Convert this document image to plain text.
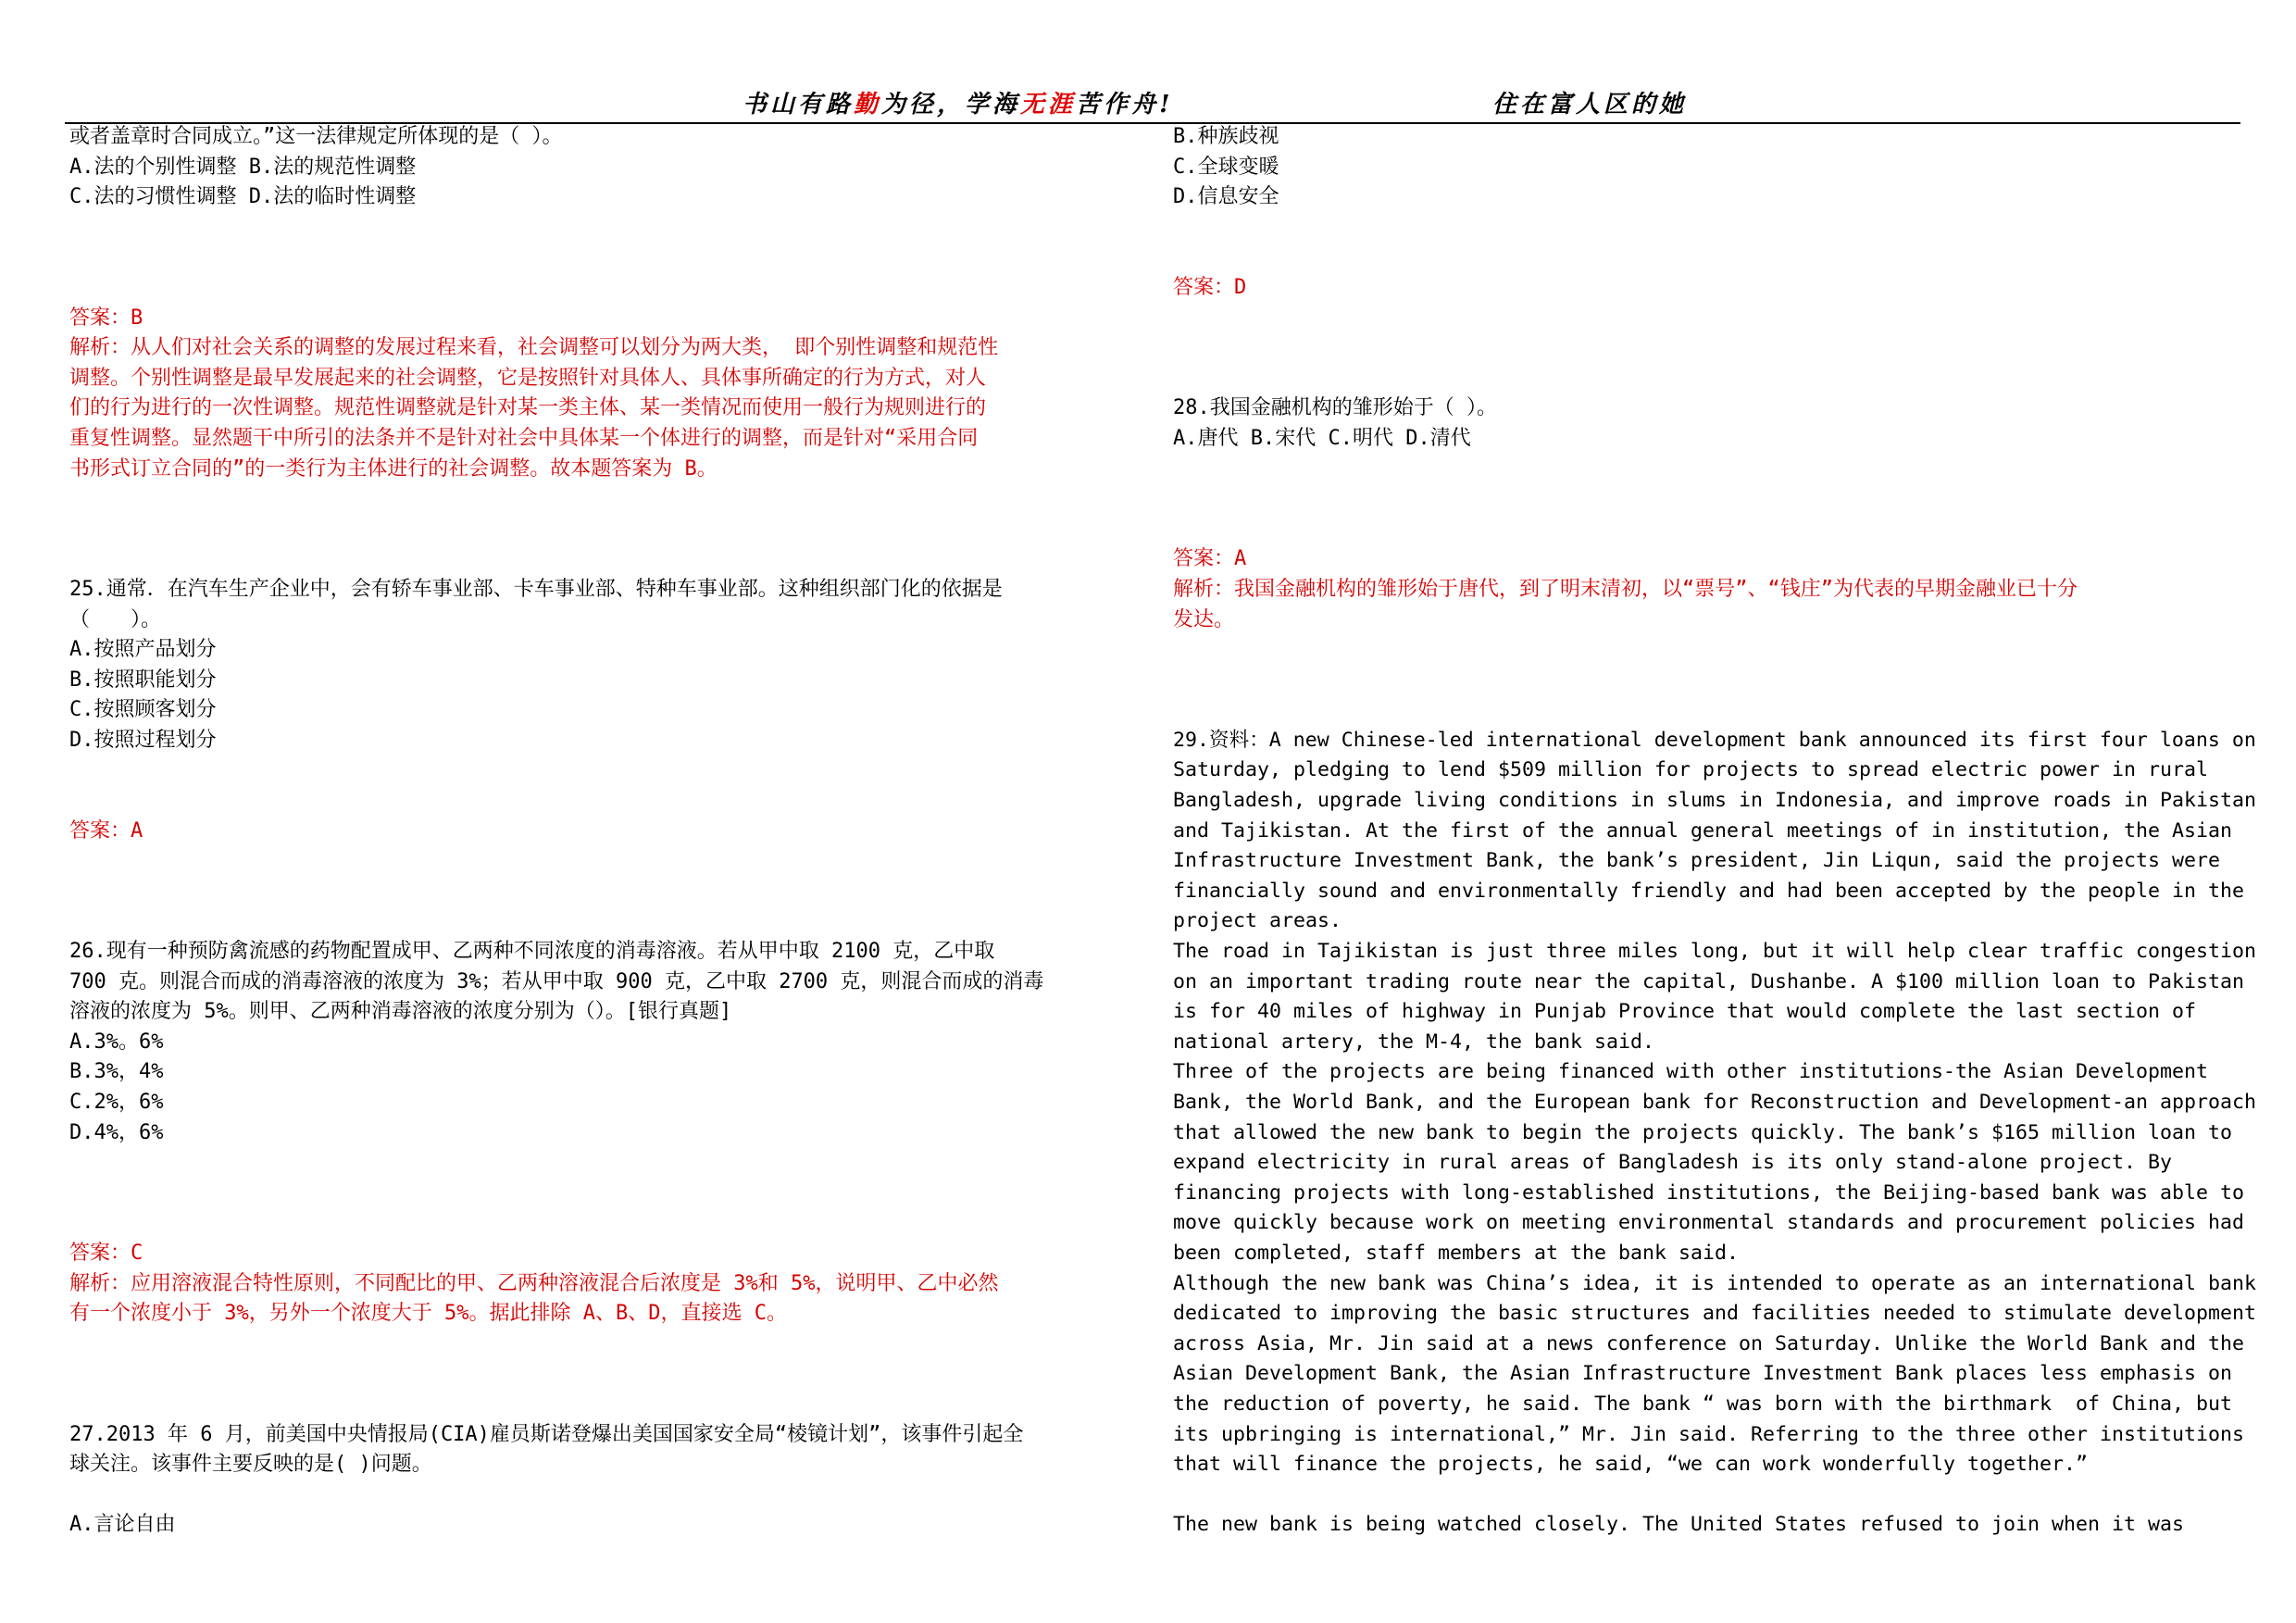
书山有路勤为径，学海无涯苦作舟!	住在富人区的她
或者盖章时合同成立。”这一法律规定所体现的是（ ）。
A.法的个别性调整 B.法的规范性调整
C.法的习惯性调整 D.法的临时性调整
答案：B
解析：从人们对社会关系的调整的发展过程来看，社会调整可以划分为两大类， 即个别性调整和规范性
调整。个别性调整是最早发展起来的社会调整，它是按照针对具体人、具体事所确定的行为方式，对人
们的行为进行的一次性调整。规范性调整就是针对某一类主体、某一类情况而使用一般行为规则进行的
重复性调整。显然题干中所引的法条并不是针对社会中具体某一个体进行的调整，而是针对“采用合同
书形式订立合同的”的一类行为主体进行的社会调整。故本题答案为 B。
25.通常．在汽车生产企业中，会有轿车事业部、卡车事业部、特种车事业部。这种组织部门化的依据是
（　　）。
A.按照产品划分
B.按照职能划分
C.按照顾客划分
D.按照过程划分
答案：A
26.现有一种预防禽流感的药物配置成甲、乙两种不同浓度的消毒溶液。若从甲中取 2100 克，乙中取
700 克。则混合而成的消毒溶液的浓度为 3%；若从甲中取 900 克，乙中取 2700 克，则混合而成的消毒
溶液的浓度为 5%。则甲、乙两种消毒溶液的浓度分别为（）。[银行真题]
A.3%。6%
B.3%，4%
C.2%，6%
D.4%，6%
答案：C
解析：应用溶液混合特性原则，不同配比的甲、乙两种溶液混合后浓度是 3%和 5%，说明甲、乙中必然
有一个浓度小于 3%，另外一个浓度大于 5%。据此排除 A、B、D，直接选 C。
27.2013 年 6 月，前美国中央情报局(CIA)雇员斯诺登爆出美国国家安全局“棱镜计划”，该事件引起全
球关注。该事件主要反映的是( )问题。
A.言论自由
B.种族歧视
C.全球变暖
D.信息安全
答案：D
28.我国金融机构的雏形始于（ ）。
A.唐代 B.宋代 C.明代 D.清代
答案：A
解析：我国金融机构的雏形始于唐代，到了明末清初，以“票号”、“钱庄”为代表的早期金融业已十分
发达。
29.资料：A new Chinese-led international development bank announced its first four loans on
Saturday, pledging to lend $509 million for projects to spread electric power in rural
Bangladesh, upgrade living conditions in slums in Indonesia, and improve roads in Pakistan
and Tajikistan. At the first of the annual general meetings of in institution, the Asian
Infrastructure Investment Bank, the bank’s president, Jin Liqun, said the projects were
financially sound and environmentally friendly and had been accepted by the people in the
project areas.
The road in Tajikistan is just three miles long, but it will help clear traffic congestion
on an important trading route near the capital, Dushanbe. A $100 million loan to Pakistan
is for 40 miles of highway in Punjab Province that would complete the last section of
national artery, the M-4, the bank said.
Three of the projects are being financed with other institutions-the Asian Development
Bank, the World Bank, and the European bank for Reconstruction and Development-an approach
that allowed the new bank to begin the projects quickly. The bank’s $165 million loan to
expand electricity in rural areas of Bangladesh is its only stand-alone project. By
financing projects with long-established institutions, the Beijing-based bank was able to
move quickly because work on meeting environmental standards and procurement policies had
been completed, staff members at the bank said.
Although the new bank was China’s idea, it is intended to operate as an international bank
dedicated to improving the basic structures and facilities needed to stimulate development
across Asia, Mr. Jin said at a news conference on Saturday. Unlike the World Bank and the
Asian Development Bank, the Asian Infrastructure Investment Bank places less emphasis on
the reduction of poverty, he said. The bank “ was born with the birthmark  of China, but
its upbringing is international,” Mr. Jin said. Referring to the three other institutions
that will finance the projects, he said, “we can work wonderfully together.”
The new bank is being watched closely. The United States refused to join when it was
